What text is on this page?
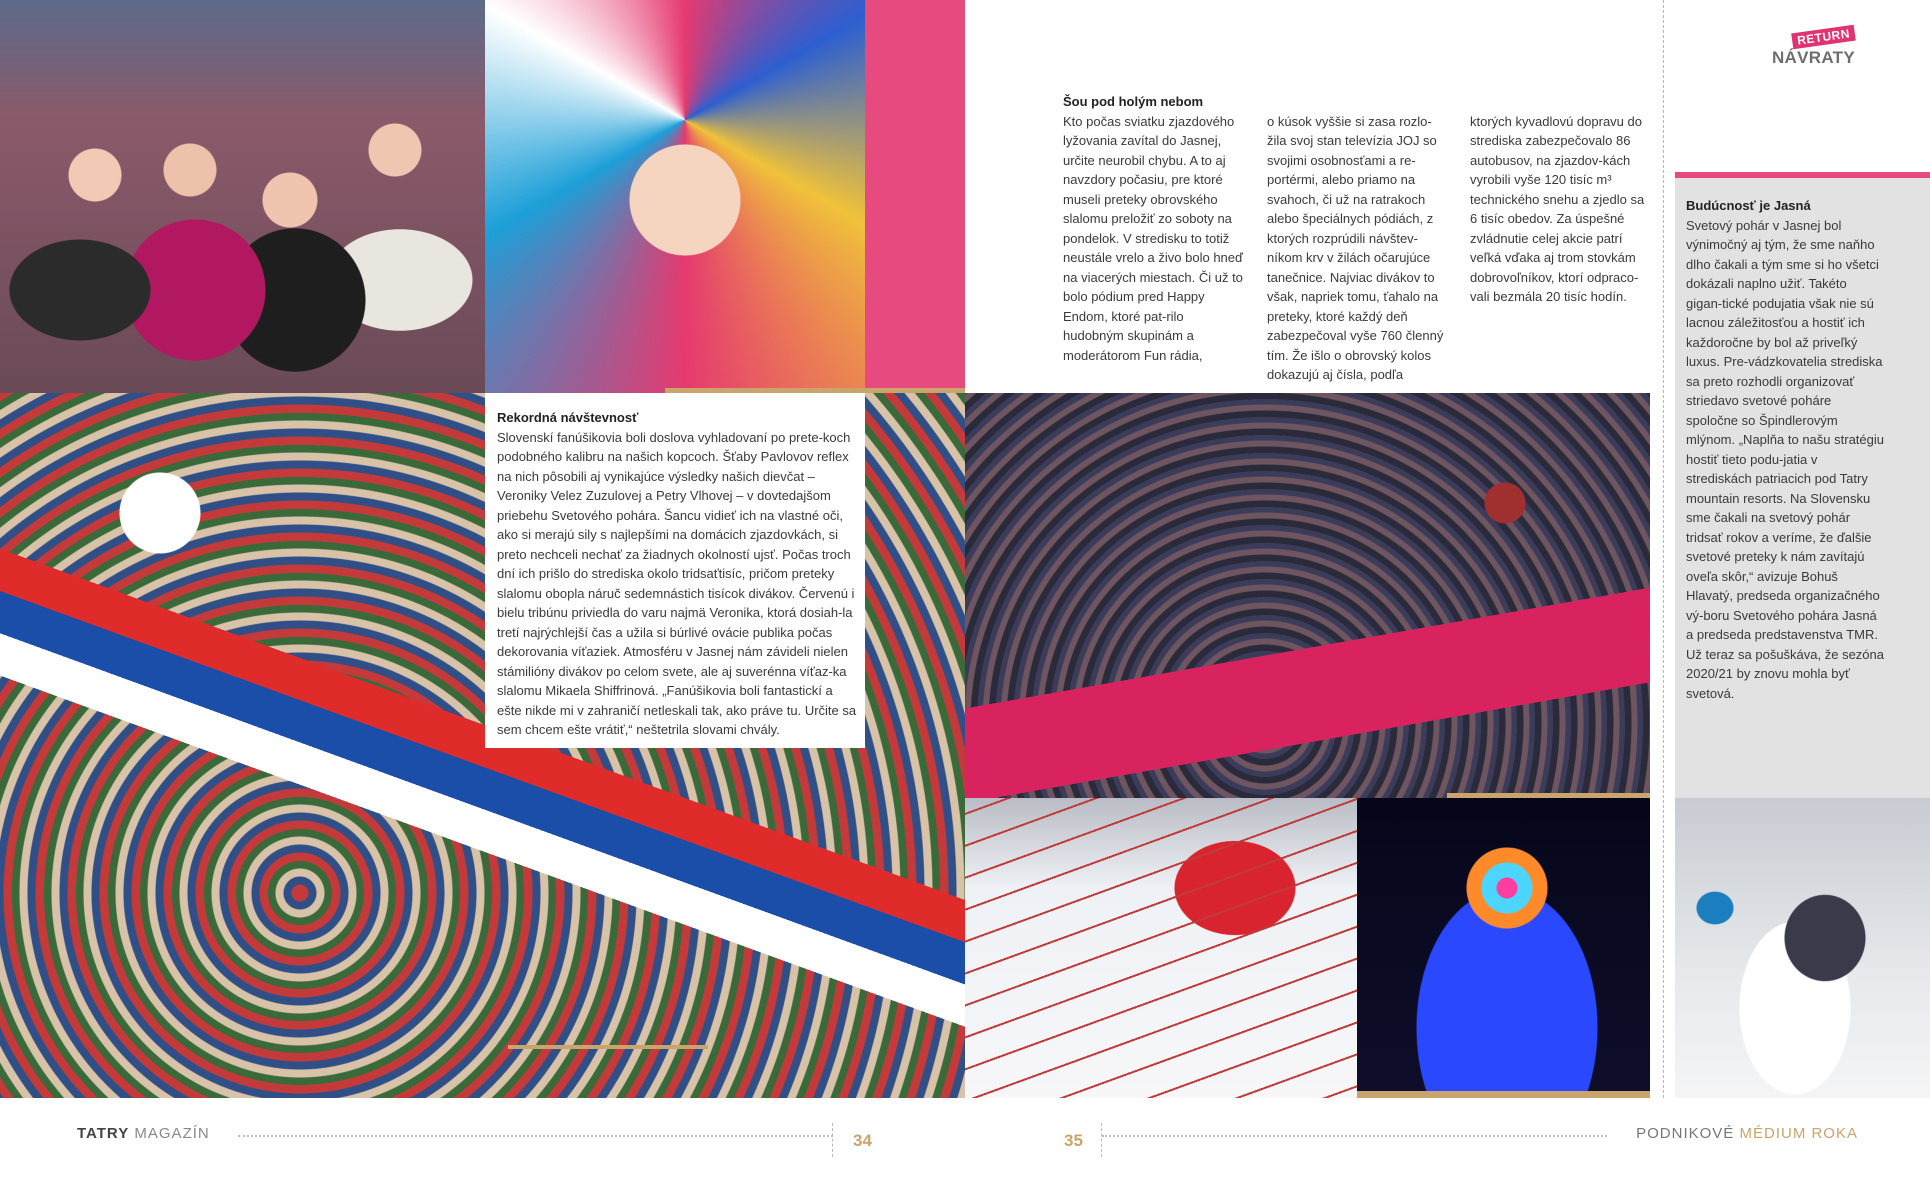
Rekordná návštevnosť
Slovenskí fanúšikovia boli doslova vyhladovaní po prete-koch podobného kalibru na našich kopcoch. Šťaby Pavlovov reflex na nich pôsobili aj vynikajúce výsledky našich dievčat – Veroniky Velez Zuzulovej a Petry Vlhovej – v dovtedajšom priebehu Svetového pohára. Šancu vidieť ich na vlastné oči, ako si merajú sily s najlepšími na domácich zjazdovkách, si preto nechceli nechať za žiadnych okolností ujsť. Počas troch dní ich prišlo do strediska okolo tridsaťtisíc, pričom preteky slalomu obopla náruč sedemnástich tisícok divákov. Červenú i bielu tribúnu priviedla do varu najmä Veronika, ktorá dosiah-la tretí najrýchlejší čas a užila si búrlivé ovácie publika počas dekorovania víťaziek. Atmosféru v Jasnej nám závideli nielen stámilióny divákov po celom svete, ale aj suverénna víťaz-ka slalomu Mikaela Shiffrinová. „Fanúšikovia boli fantastickí a ešte nikde mi v zahraničí netleskali tak, ako práve tu. Určite sa sem chcem ešte vrátiť,“ neštetrila slovami chvály.
Šou pod holým nebom
Kto počas sviatku zjazdového lyžovania zavítal do Jasnej, určite neurobil chybu. A to aj navzdory počasiu, pre ktoré museli preteky obrovského slalomu preložiť zo soboty na pondelok. V stredisku to totiž neustále vrelo a živo bolo hneď na viacerých miestach. Či už to bolo pódium pred Happy Endom, ktoré pat-rilo hudobným skupinám a moderátorom Fun rádia,
o kúsok vyššie si zasa rozlo-žila svoj stan televízia JOJ so svojimi osobnosťami a re-portérmi, alebo priamo na svahoch, či už na ratrakoch alebo špeciálnych pódiách, z ktorých rozprúdili návštev-níkom krv v žilách očarujúce tanečnice. Najviac divákov to však, napriek tomu, ťahalo na preteky, ktoré každý deň zabezpečoval vyše 760 členný tím. Že išlo o obrovský kolos dokazujú aj čísla, podľa
ktorých kyvadlovú dopravu do strediska zabezpečovalo 86 autobusov, na zjazdov-kách vyrobili vyše 120 tisíc m³ technického snehu a zjedlo sa 6 tisíc obedov. Za úspešné zvládnutie celej akcie patrí veľká vďaka aj trom stovkám dobrovoľníkov, ktorí odpraco-vali bezmála 20 tisíc hodín.
RETURN
NÁVRATY
Budúcnosť je Jasná
Svetový pohár v Jasnej bol výnimočný aj tým, že sme naňho dlho čakali a tým sme si ho všetci dokázali naplno užiť. Takéto gigan-tické podujatia však nie sú lacnou záležitosťou a hostiť ich každoročne by bol až priveľký luxus. Pre-vádzkovatelia strediska sa preto rozhodli organizovať striedavo svetové poháre spoločne so Špindlerovým mlýnom. „Naplňa to našu stratégiu hostiť tieto podu-jatia v strediskách patriacich pod Tatry mountain resorts. Na Slovensku sme čakali na svetový pohár tridsať rokov a veríme, že ďalšie svetové preteky k nám zavítajú oveľa skôr,“ avizuje Bohuš Hlavatý, predseda organizačného vý-boru Svetového pohára Jasná a predseda predstavenstva TMR. Už teraz sa pošuškáva, že sezóna 2020/21 by znovu mohla byť svetová.
TATRY MAGAZÍN	34	35	PODNIKOVÉ MÉDIUM ROKA
